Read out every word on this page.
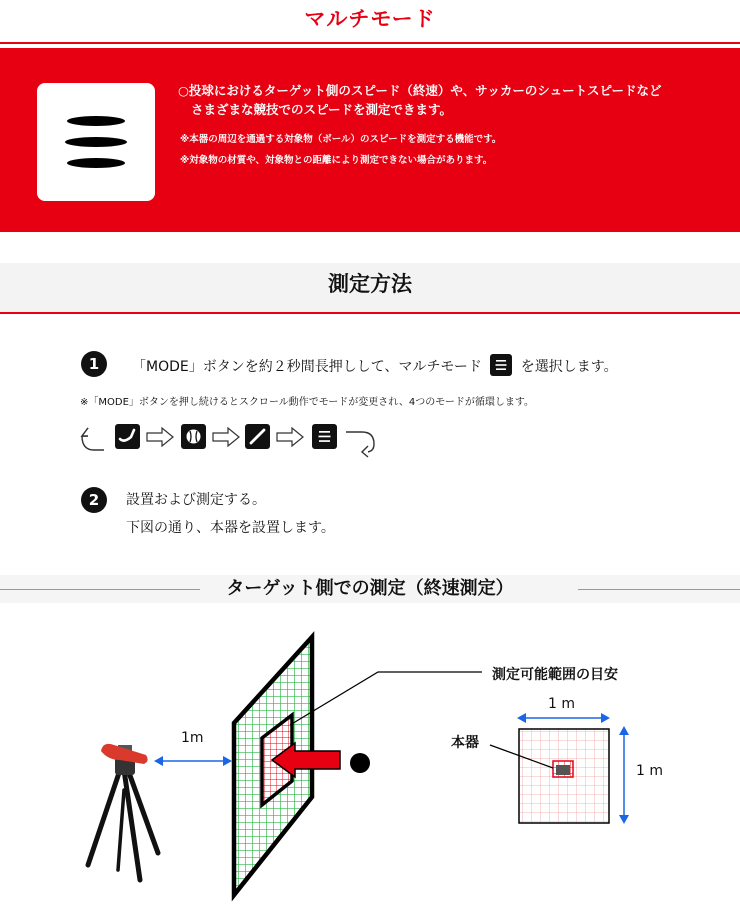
マルチモード
○投球におけるターゲット側のスピード（終速）や、サッカーのシュートスピードなど
さまざまな競技でのスピードを測定できます。
※本器の周辺を通過する対象物（ボール）のスピードを測定する機能です。
※対象物の材質や、対象物との距離により測定できない場合があります。
測定方法
1	「MODE」ボタンを約２秒間長押しして、マルチモード	を選択します。
※「MODE」ボタンを押し続けるとスクロール動作でモードが変更され、4つのモードが循環します。
2	設置および測定する。
下図の通り、本器を設置します。
ターゲット側での測定（終速測定）
1m
測定可能範囲の目安
1 m
1 m
本器
